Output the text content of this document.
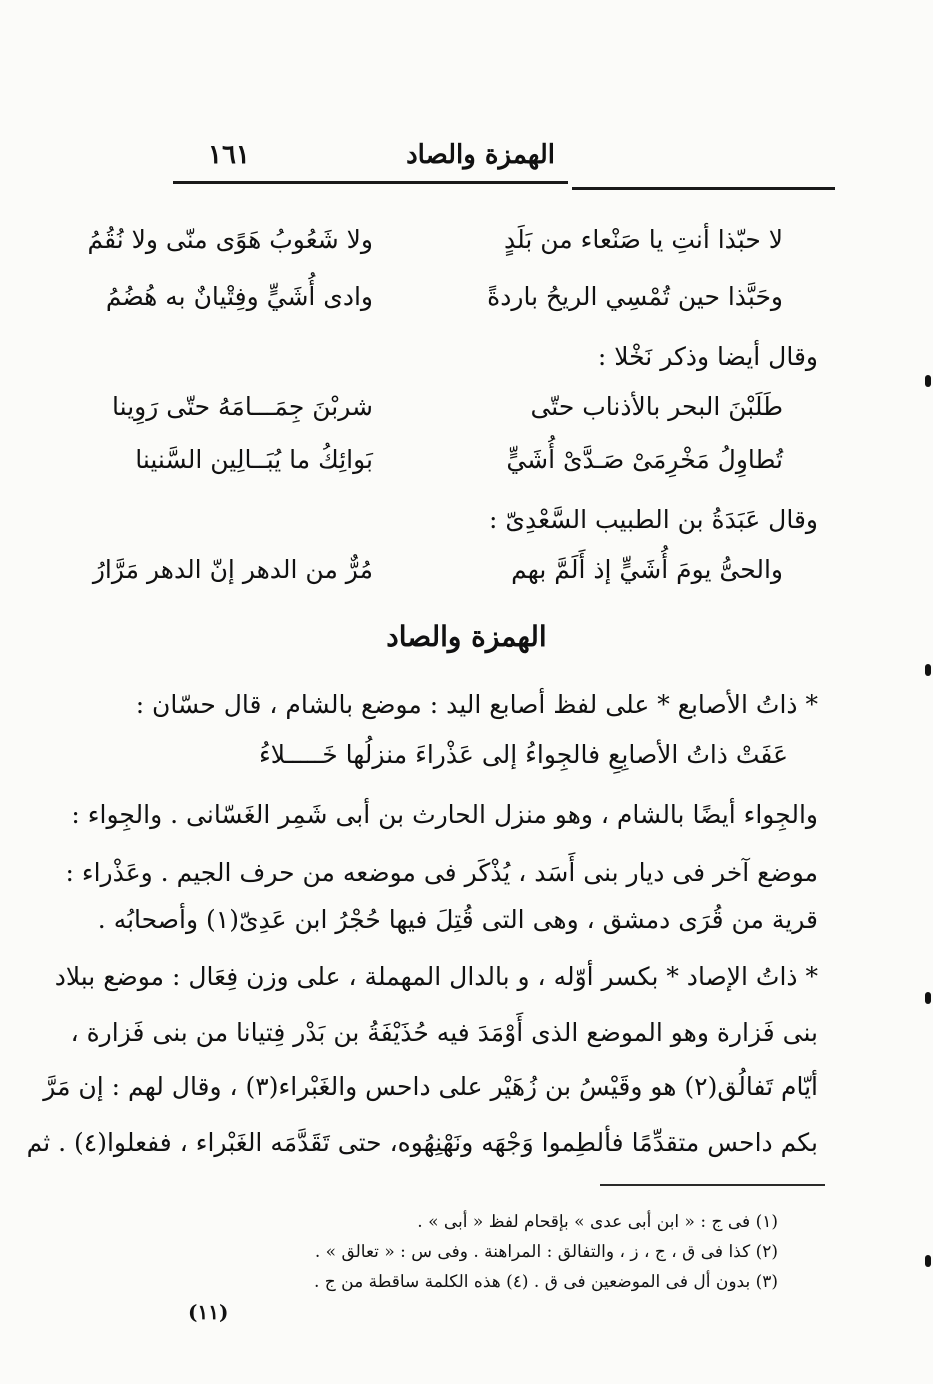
الهمزة والصاد
١٦١
لا حبّذا أنتِ يا صَنْعاء من بَلَدٍ
ولا شَعُوبُ هَوًى منّى ولا نُقُمُ
وحَبَّذا حين تُمْسِي الريحُ باردةً
وادى أُشَيٍّ وفِتْيانٌ به هُضُمُ
وقال أيضا وذكر نَخْلا :
طَلَبْنَ البحر بالأذناب حتّى
شربْنَ جِمَـــامَهُ حتّى رَوِينا
تُطاوِلُ مَخْرِمَىْ صَـدَّىْ أُشَيٍّ
بَوائِكُ ما يُبَــالِين السَّنينا
وقال عَبَدَةُ بن الطبيب السَّعْدِىّ :
والحىُّ يومَ أُشَيٍّ إذ أَلَمَّ بهم
مُرٌّ من الدهر إنّ الدهر مَرَّارُ
الهمزة والصاد
* ذاتُ الأصابع * على لفظ أصابع اليد : موضع بالشام ، قال حسّان :
عَفَتْ ذاتُ الأصابِعِ فالجِواءُ إلى عَذْراءَ منزلُها خَـــــلاءُ
والجِواء أيضًا بالشام ، وهو منزل الحارث بن أبى شَمِر الغَسّانى . والجِواء :
موضع آخر فى ديار بنى أَسَد ، يُذْكَر فى موضعه من حرف الجيم . وعَذْراء :
قرية من قُرَى دمشق ، وهى التى قُتِلَ فيها حُجْرُ ابن عَدِىّ(١) وأصحابُه .
* ذاتُ الإصاد * بكسر أوّله ، و بالدال المهملة ، على وزن فِعَال : موضع ببلاد
بنى فَزارة وهو الموضع الذى أَوْمَدَ فيه حُذَيْفَةُ بن بَدْر فِتيانا من بنى فَزارة ،
أيّام تَفالُق(٢) هو وقَيْسُ بن زُهَيْر على داحس والغَبْراء(٣) ، وقال لهم : إن مَرَّ
بكم داحس متقدِّمًا فألطِموا وَجْهَه ونَهْنِهُوه، حتى تَقَدَّمَه الغَبْراء ، ففعلوا(٤) . ثم
(١) فى ج : « ابن أبى عدى » بإقحام لفظ « أبى » .
(٢) كذا فى ق ، ج ، ز ، والتفالق : المراهنة . وفى س : « تعالق » .
(٣) بدون أل فى الموضعين فى ق . (٤) هذه الكلمة ساقطة من ج .
(١١)
